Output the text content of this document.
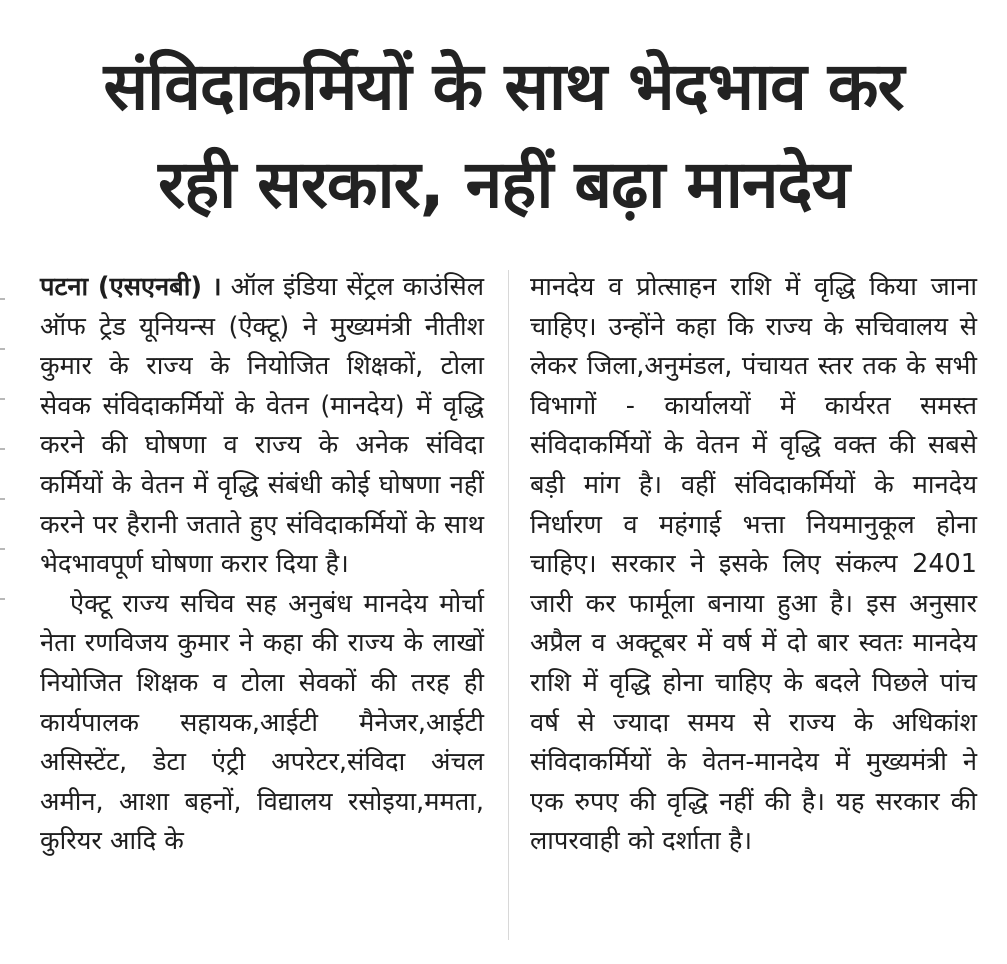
संविदाकर्मियों के साथ भेदभाव कर
रही सरकार, नहीं बढ़ा मानदेय

पटना (एसएनबी) । ऑल इंडिया सेंट्रल काउंसिल ऑफ ट्रेड यूनियन्स (ऐक्टू) ने मुख्यमंत्री नीतीश कुमार के राज्य के नियोजित शिक्षकों, टोला सेवक संविदाकर्मियों के वेतन (मानदेय) में वृद्धि करने की घोषणा व राज्य के अनेक संविदा कर्मियों के वेतन में वृद्धि संबंधी कोई घोषणा नहीं करने पर हैरानी जताते हुए संविदाकर्मियों के साथ भेदभावपूर्ण घोषणा करार दिया है।

ऐक्टू राज्य सचिव सह अनुबंध मानदेय मोर्चा नेता रणविजय कुमार ने कहा की राज्य के लाखों नियोजित शिक्षक व टोला सेवकों की तरह ही कार्यपालक सहायक,आईटी मैनेजर,आईटी असिस्टेंट, डेटा एंट्री अपरेटर,संविदा अंचल अमीन, आशा बहनों, विद्यालय रसोइया,ममता, कुरियर आदि के

मानदेय व प्रोत्साहन राशि में वृद्धि किया जाना चाहिए। उन्होंने कहा कि राज्य के सचिवालय से लेकर जिला,अनुमंडल, पंचायत स्तर तक के सभी विभागों - कार्यालयों में कार्यरत समस्त संविदाकर्मियों के वेतन में वृद्धि वक्त की सबसे बड़ी मांग है। वहीं संविदाकर्मियों के मानदेय निर्धारण व महंगाई भत्ता नियमानुकूल होना चाहिए। सरकार ने इसके लिए संकल्प 2401 जारी कर फार्मूला बनाया हुआ है। इस अनुसार अप्रैल व अक्टूबर में वर्ष में दो बार स्वतः मानदेय राशि में वृद्धि होना चाहिए के बदले पिछले पांच वर्ष से ज्यादा समय से राज्य के अधिकांश संविदाकर्मियों के वेतन-मानदेय में मुख्यमंत्री ने एक रुपए की वृद्धि नहीं की है। यह सरकार की लापरवाही को दर्शाता है।
